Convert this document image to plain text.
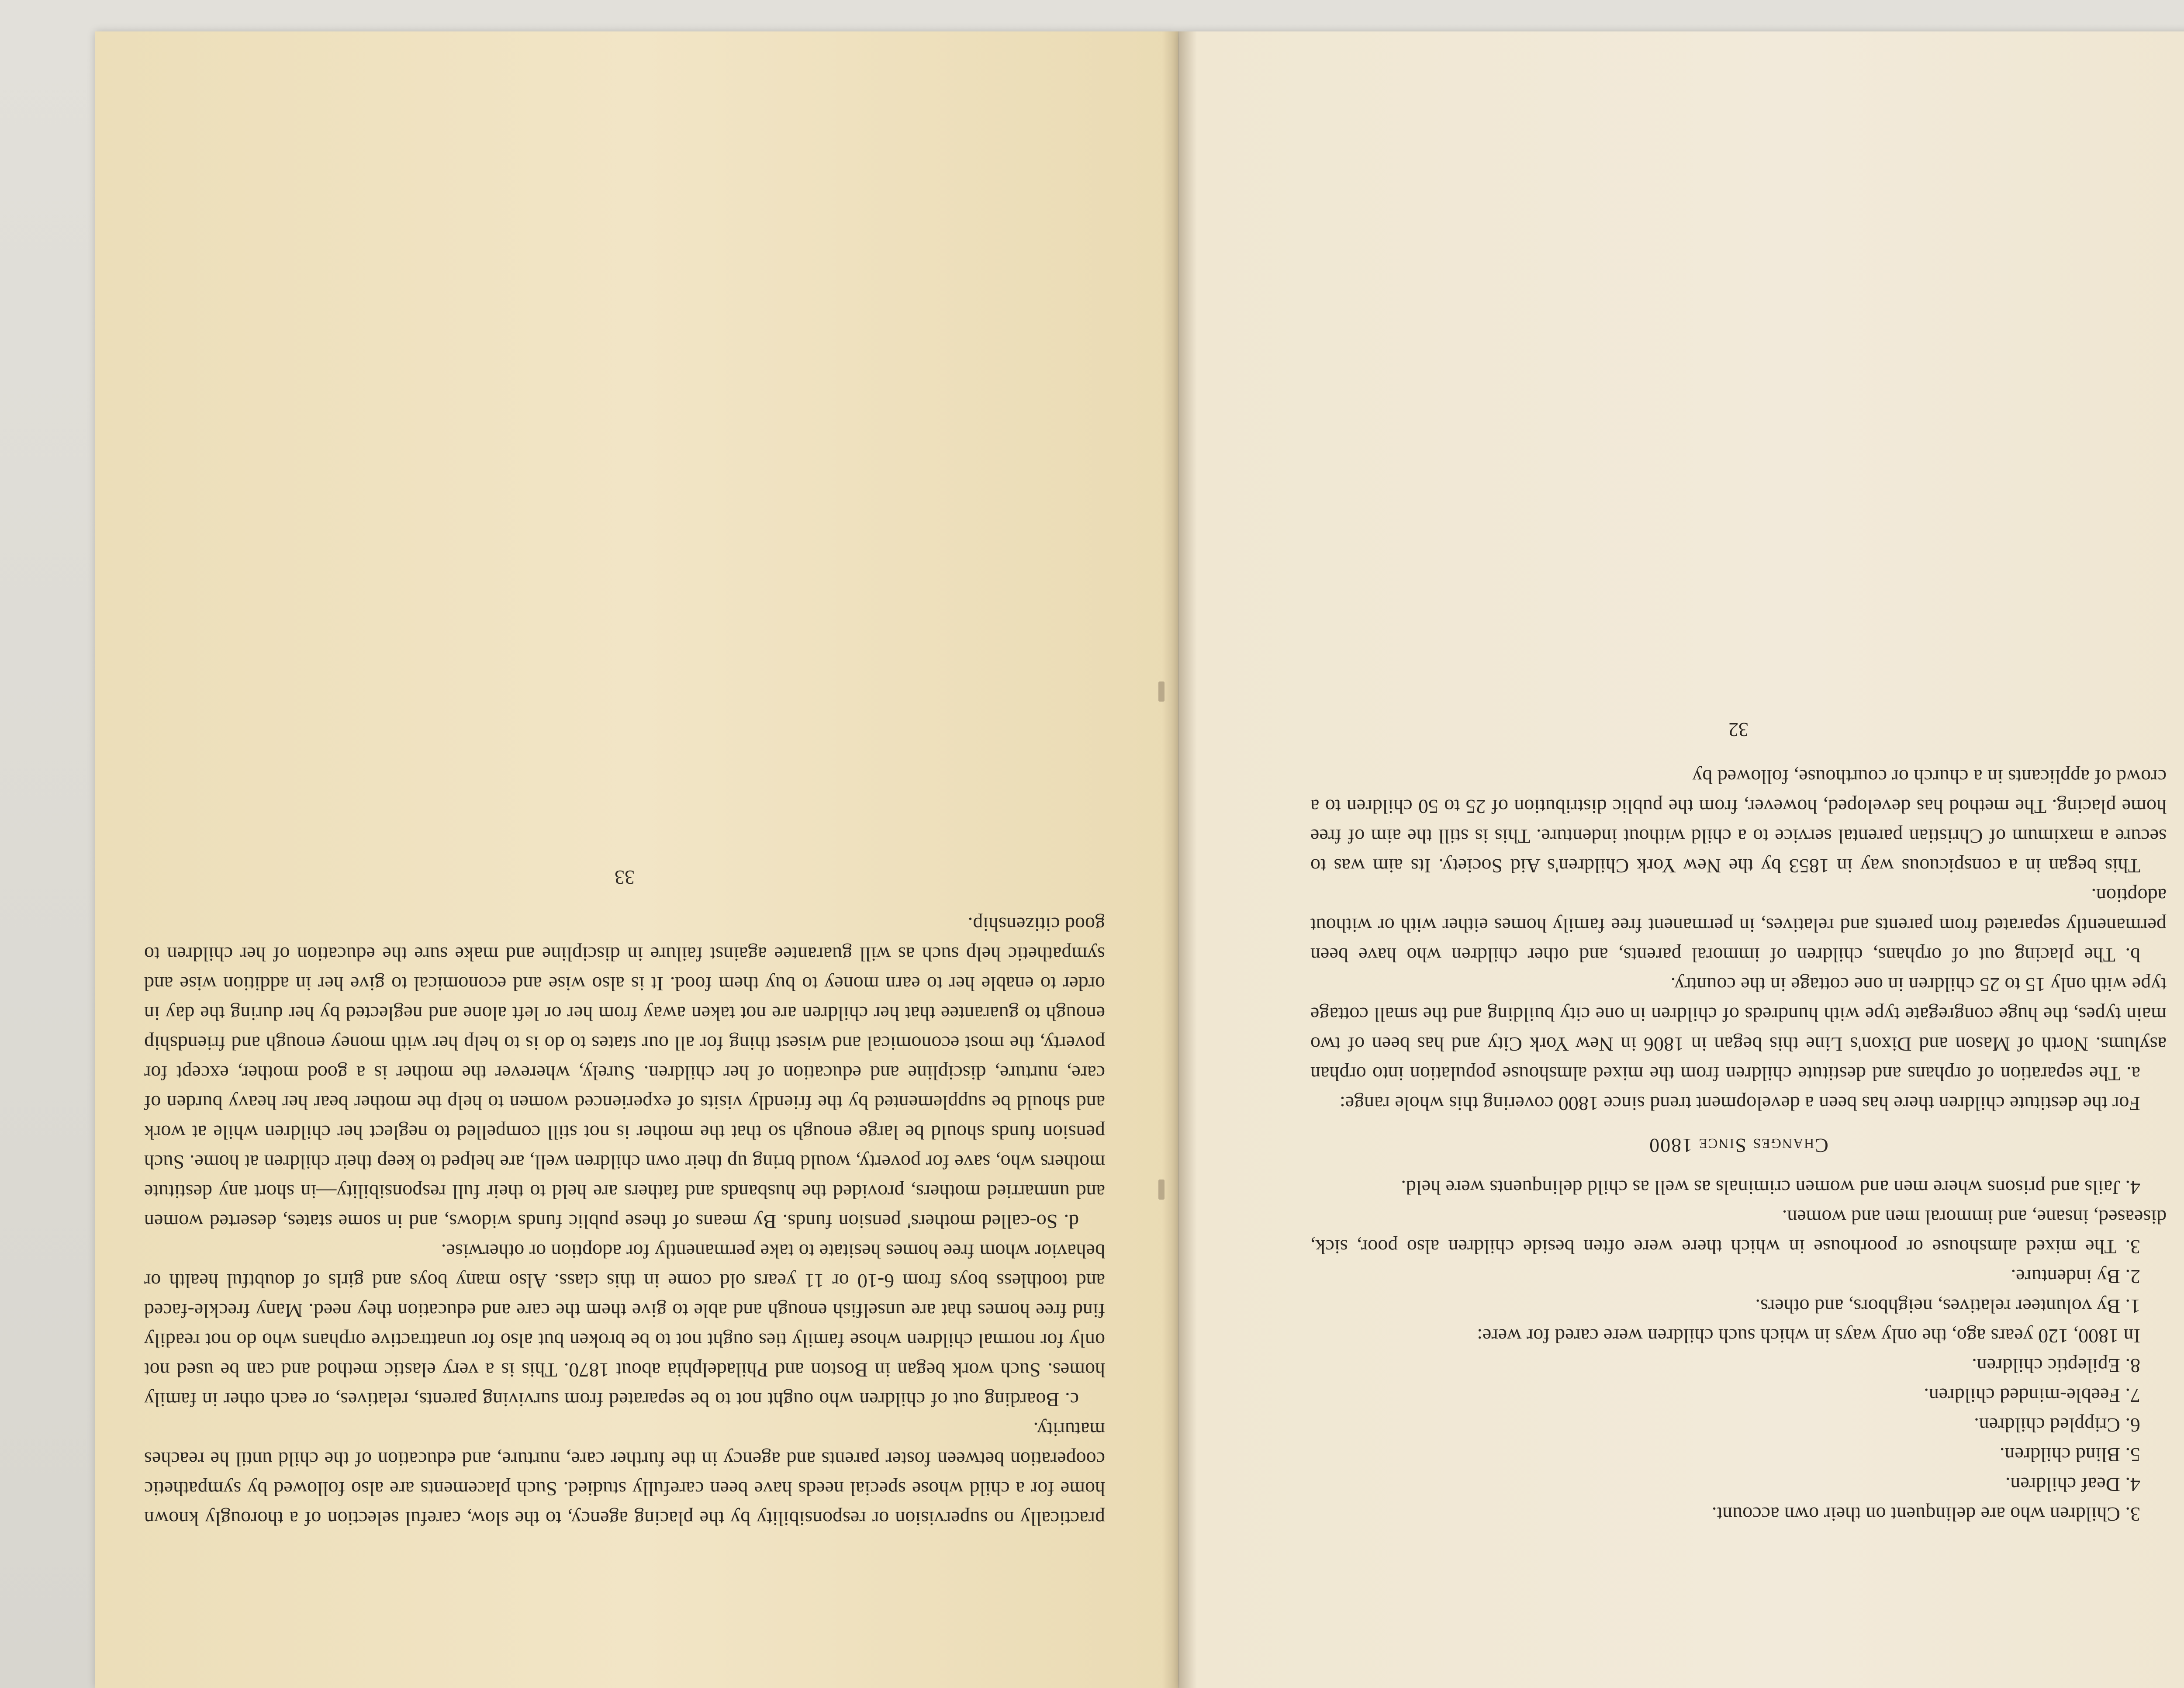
practically no supervision or responsibility by the placing agency, to the slow, careful selection of a thorougly known home for a child whose special needs have been carefully studied. Such placements are also followed by sympathetic cooperation between foster parents and agency in the further care, nurture, and education of the child until he reaches maturity.

c. Boarding out of children who ought not to be separated from surviving parents, relatives, or each other in family homes. Such work began in Boston and Philadelphia about 1870. This is a very elastic method and can be used not only for normal children whose family ties ought not to be broken but also for unattractive orphans who do not readily find free homes that are unselfish enough and able to give them the care and education they need. Many freckle-faced and toothless boys from 6-10 or 11 years old come in this class. Also many boys and girls of doubtful health or behavior whom free homes hesitate to take permanently for adoption or otherwise.

d. So-called mothers' pension funds. By means of these public funds widows, and in some states, deserted women and unmarried mothers, provided the husbands and fathers are held to their full responsibility—in short any destitute mothers who, save for poverty, would bring up their own children well, are helped to keep their children at home. Such pension funds should be large enough so that the mother is not still compelled to neglect her children while at work and should be supplemented by the friendly visits of experienced women to help the mother bear her heavy burden of care, nurture, discipline and education of her children. Surely, wherever the mother is a good mother, except for poverty, the most economical and wisest thing for all our states to do is to help her with money enough and friendship enough to guarantee that her children are not taken away from her or left alone and neglected by her during the day in order to enable her to earn money to buy them food. It is also wise and economical to give her in addition wise and sympathetic help such as will guarantee against failure in discipline and make sure the education of her children to good citizenship.

33

3. Children who are delinquent on their own account.

4. Deaf children.

5. Blind children.

6. Crippled children.

7. Feeble-minded children.

8. Epileptic children.

In 1800, 120 years ago, the only ways in which such children were cared for were:

1. By volunteer relatives, neighbors, and others.

2. By indenture.

3. The mixed almshouse or poorhouse in which there were often beside children also poor, sick, diseased, insane, and immoral men and women.

4. Jails and prisons where men and women criminals as well as child delinquents were held.

Changes Since 1800

For the destitute children there has been a development trend since 1800 covering this whole range:

a. The separation of orphans and destitute children from the mixed almshouse population into orphan asylums. North of Mason and Dixon's Line this began in 1806 in New York City and has been of two main types, the huge congregate type with hundreds of children in one city building and the small cottage type with only 15 to 25 children in one cottage in the country.

b. The placing out of orphans, children of immoral parents, and other children who have been permanently separated from parents and relatives, in permanent free family homes either with or without adoption.

This began in a conspicuous way in 1853 by the New York Children's Aid Society. Its aim was to secure a maximum of Christian parental service to a child without indenture. This is still the aim of free home placing. The method has developed, however, from the public distribution of 25 to 50 children to a crowd of applicants in a church or courthouse, followed by

32
